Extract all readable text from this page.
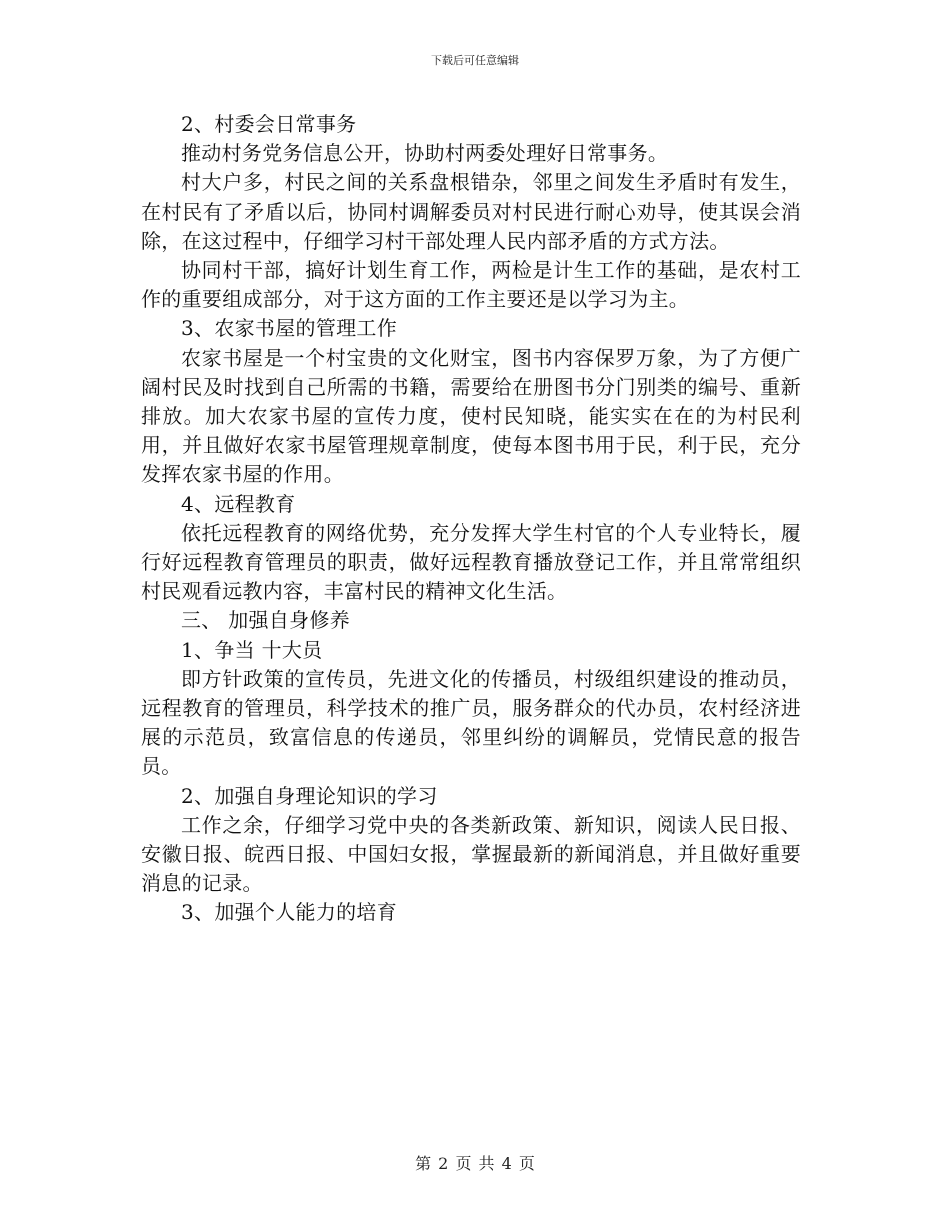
下载后可任意编辑

2、村委会日常事务

推动村务党务信息公开，协助村两委处理好日常事务。

村大户多，村民之间的关系盘根错杂，邻里之间发生矛盾时有发生，在村民有了矛盾以后，协同村调解委员对村民进行耐心劝导，使其误会消除，在这过程中，仔细学习村干部处理人民内部矛盾的方式方法。

协同村干部，搞好计划生育工作，两检是计生工作的基础，是农村工作的重要组成部分，对于这方面的工作主要还是以学习为主。

3、农家书屋的管理工作

农家书屋是一个村宝贵的文化财宝，图书内容保罗万象，为了方便广阔村民及时找到自己所需的书籍，需要给在册图书分门别类的编号、重新排放。加大农家书屋的宣传力度，使村民知晓，能实实在在的为村民利用，并且做好农家书屋管理规章制度，使每本图书用于民，利于民，充分发挥农家书屋的作用。

4、远程教育

依托远程教育的网络优势，充分发挥大学生村官的个人专业特长，履行好远程教育管理员的职责，做好远程教育播放登记工作，并且常常组织村民观看远教内容，丰富村民的精神文化生活。

三、 加强自身修养

1、争当 十大员

即方针政策的宣传员，先进文化的传播员，村级组织建设的推动员，远程教育的管理员，科学技术的推广员，服务群众的代办员，农村经济进展的示范员，致富信息的传递员，邻里纠纷的调解员，党情民意的报告员。

2、加强自身理论知识的学习

工作之余，仔细学习党中央的各类新政策、新知识，阅读人民日报、安徽日报、皖西日报、中国妇女报，掌握最新的新闻消息，并且做好重要消息的记录。

3、加强个人能力的培育

第 2 页 共 4 页
